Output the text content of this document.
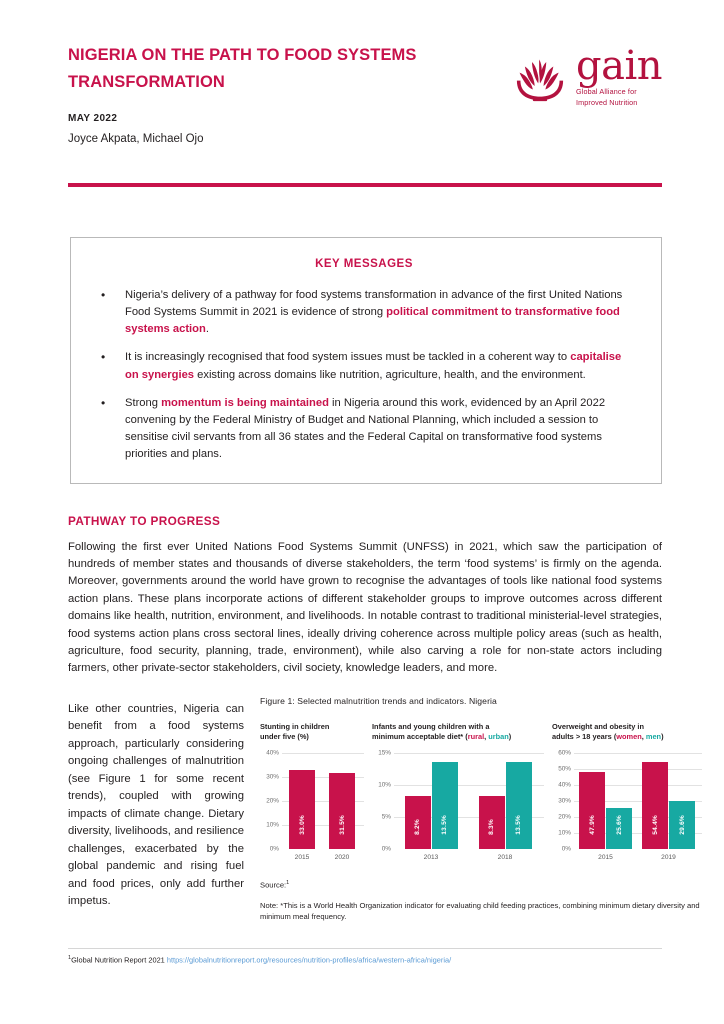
NIGERIA ON THE PATH TO FOOD SYSTEMS TRANSFORMATION
MAY 2022
Joyce Akpata, Michael Ojo
gain
Global Alliance for
Improved Nutrition
KEY MESSAGES
• Nigeria’s delivery of a pathway for food systems transformation in advance of the first United Nations Food Systems Summit in 2021 is evidence of strong political commitment to transformative food systems action.
• It is increasingly recognised that food system issues must be tackled in a coherent way to capitalise on synergies existing across domains like nutrition, agriculture, health, and the environment.
• Strong momentum is being maintained in Nigeria around this work, evidenced by an April 2022 convening by the Federal Ministry of Budget and National Planning, which included a session to sensitise civil servants from all 36 states and the Federal Capital on transformative food systems priorities and plans.
PATHWAY TO PROGRESS
Following the first ever United Nations Food Systems Summit (UNFSS) in 2021, which saw the participation of hundreds of member states and thousands of diverse stakeholders, the term ‘food systems’ is firmly on the agenda. Moreover, governments around the world have grown to recognise the advantages of tools like national food systems action plans. These plans incorporate actions of different stakeholder groups to improve outcomes across different domains like health, nutrition, environment, and livelihoods. In notable contrast to traditional ministerial-level strategies, food systems action plans cross sectoral lines, ideally driving coherence across multiple policy areas (such as health, agriculture, food security, planning, trade, environment), while also carving a role for non-state actors including farmers, other private-sector stakeholders, civil society, knowledge leaders, and more.
Like other countries, Nigeria can benefit from a food systems approach, particularly considering ongoing challenges of malnutrition (see Figure 1 for some recent trends), coupled with growing impacts of climate change. Dietary diversity, livelihoods, and resilience challenges, exacerbated by the global pandemic and rising fuel and food prices, only add further impetus.
Figure 1: Selected malnutrition trends and indicators. Nigeria
Stunting in children
under five (%)
0%
10%
20%
30%
40%
33.0%	31.5%
2015	2020
Infants and young children with a
minimum acceptable diet* (rural, urban)
0%
5%
10%
15%
8.2%	13.5%	8.3%	13.5%
2013	2018
Overweight and obesity in
adults > 18 years (women, men)
0%
10%
20%
30%
40%
50%
60%
47.9%	25.6%	54.4%	29.6%
2015	2019
Source:$^1$
Note: *This is a World Health Organization indicator for evaluating child feeding practices, combining minimum dietary diversity and minimum meal frequency.
$^1$Global Nutrition Report 2021 https://globalnutritionreport.org/resources/nutrition-profiles/africa/western-africa/nigeria/
